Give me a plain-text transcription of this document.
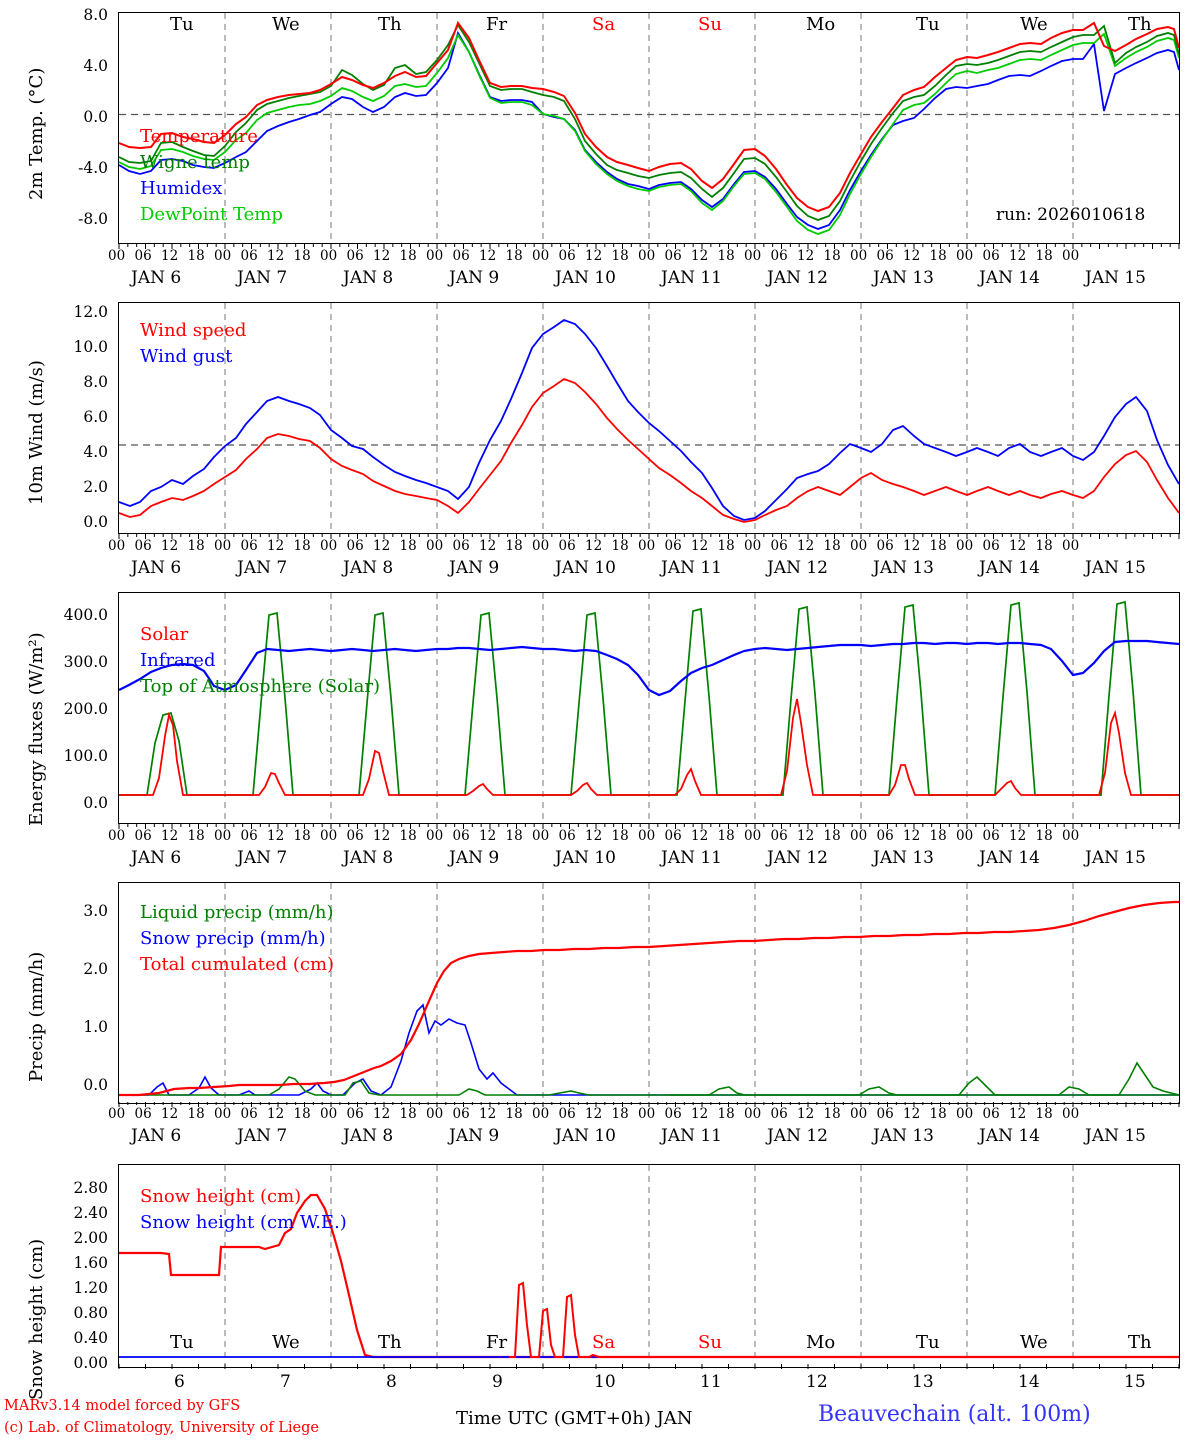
2m Temp. (°C)
8.0
4.0
0.0
-4.0
-8.0
Tu	We	Th	Fr	Sa	Su	Mo	Tu	We	Th
Temperature
Wigne temp
Humidex
DewPoint Temp	run: 2026010618
10m Wind (m/s)
12.0
10.0
8.0
6.0
4.0
2.0
0.0
Wind speed
Wind gust
Energy fluxes (W/m²)
400.0
300.0
200.0
100.0
0.0
Solar
Infrared
Top of Atmosphere (Solar)
Precip (mm/h)
3.0
2.0
1.0
0.0
Liquid precip (mm/h)
Snow precip (mm/h)
Total cumulated (cm)
Snow height (cm)
2.80
2.40
2.00
1.60
1.20
0.80
0.40
0.00
Tu	We	Th	Fr	Sa	Su	Mo	Tu	We	Th
Snow height (cm)
Snow height (cm W.E.)
6	7	8	9	10	11	12	13	14	15
00 06 12 18 00 06 12 18 00 06 12 18 00 06 12 18 00 06 12 18 00 06 12 18 00 06 12 18 00 06 12 18 00 06 12 18 00
JAN 6	JAN 7	JAN 8	JAN 9	JAN 10	JAN 11	JAN 12	JAN 13	JAN 14	JAN 15
00 06 12 18 00 06 12 18 00 06 12 18 00 06 12 18 00 06 12 18 00 06 12 18 00 06 12 18 00 06 12 18 00 06 12 18 00
JAN 6	JAN 7	JAN 8	JAN 9	JAN 10	JAN 11	JAN 12	JAN 13	JAN 14	JAN 15
00 06 12 18 00 06 12 18 00 06 12 18 00 06 12 18 00 06 12 18 00 06 12 18 00 06 12 18 00 06 12 18 00 06 12 18 00
JAN 6	JAN 7	JAN 8	JAN 9	JAN 10	JAN 11	JAN 12	JAN 13	JAN 14	JAN 15
00 06 12 18 00 06 12 18 00 06 12 18 00 06 12 18 00 06 12 18 00 06 12 18 00 06 12 18 00 06 12 18 00 06 12 18 00
JAN 6	JAN 7	JAN 8	JAN 9	JAN 10	JAN 11	JAN 12	JAN 13	JAN 14	JAN 15
MARv3.14 model forced by GFS
(c) Lab. of Climatology, University of Liege	Time UTC (GMT+0h) JAN	Beauvechain (alt. 100m)
